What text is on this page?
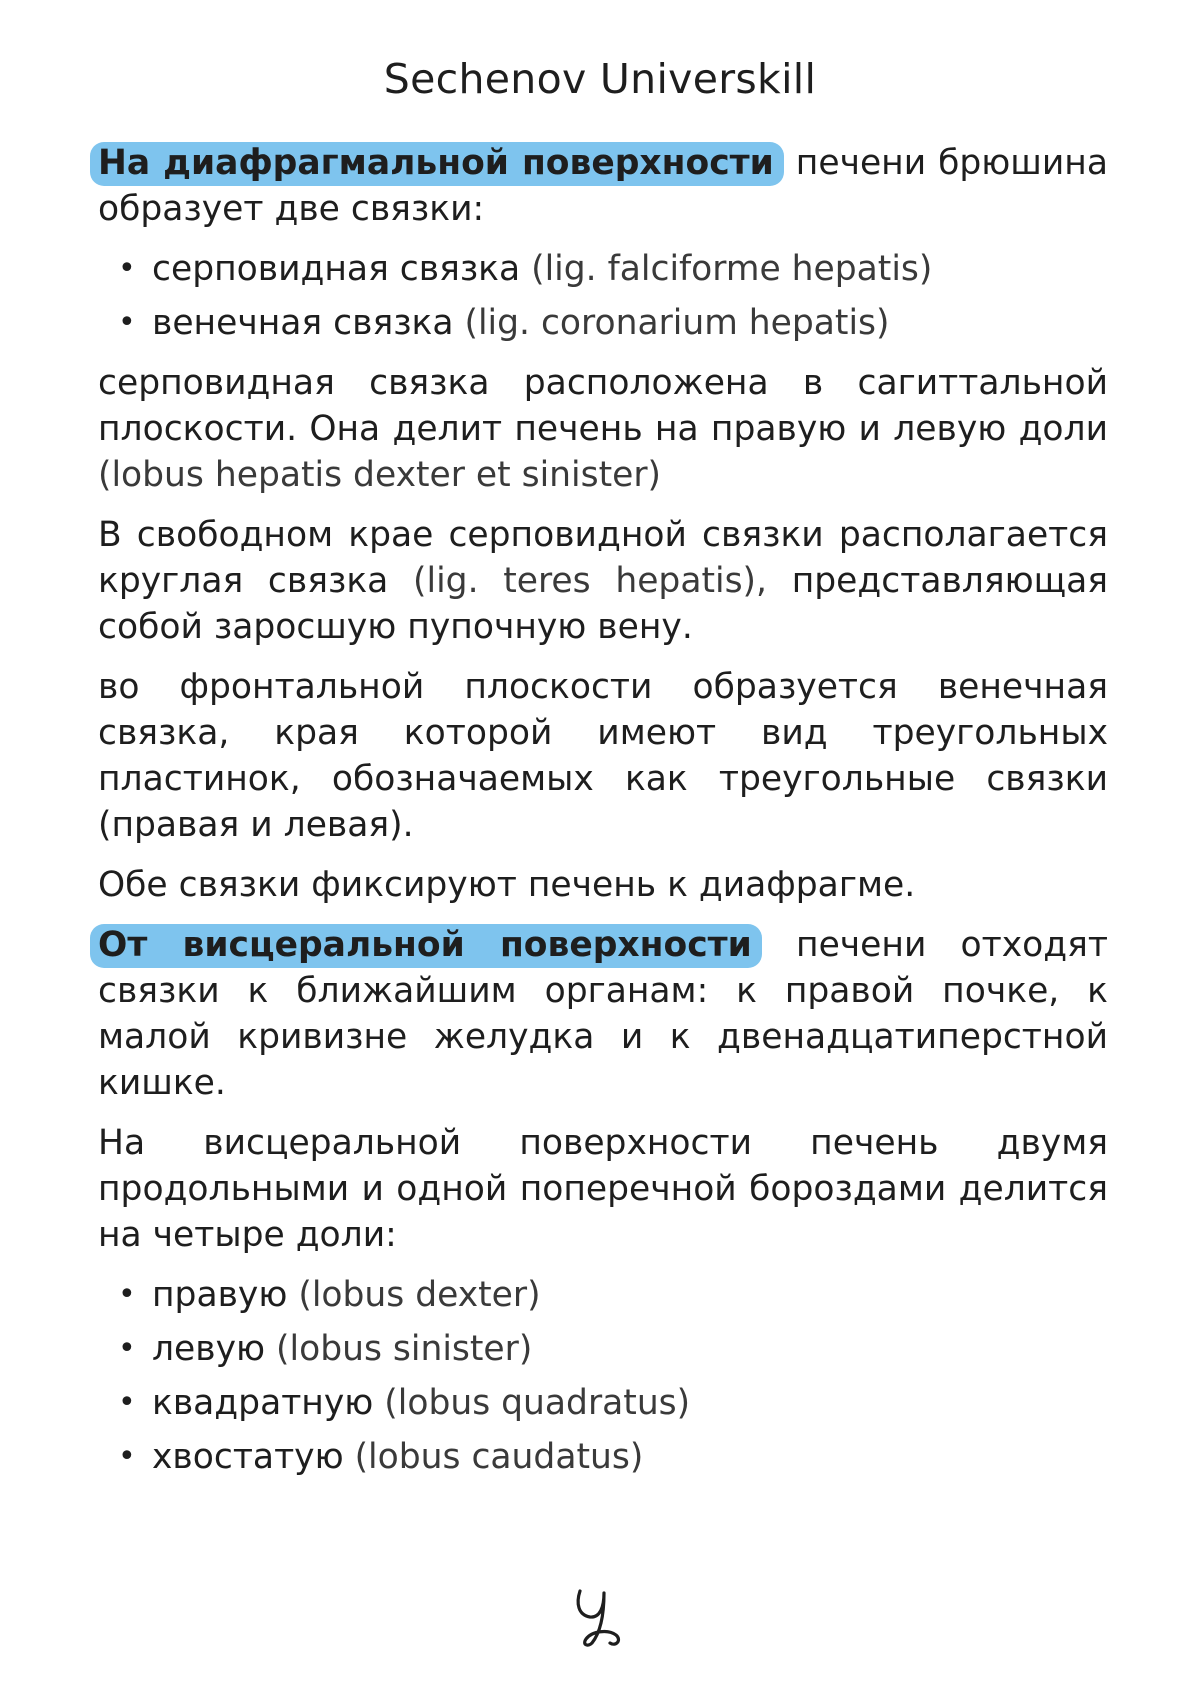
Sechenov Universkill

На диафрагмальной поверхности печени брюшина образует две связки:

• серповидная связка (lig. falciforme hepatis)
• венечная связка (lig. coronarium hepatis)

серповидная связка расположена в сагиттальной плоскости. Она делит печень на правую и левую доли (lobus hepatis dexter et sinister)

В свободном крае серповидной связки располагается круглая связка (lig. teres hepatis), представляющая собой заросшую пупочную вену.

во фронтальной плоскости образуется венечная связка, края которой имеют вид треугольных пластинок, обозначаемых как треугольные связки (правая и левая).

Обе связки фиксируют печень к диафрагме.

От висцеральной поверхности печени отходят связки к ближайшим органам: к правой почке, к малой кривизне желудка и к двенадцатиперстной кишке.

На висцеральной поверхности печень двумя продольными и одной поперечной бороздами делится на четыре доли:

• правую (lobus dexter)
• левую (lobus sinister)
• квадратную (lobus quadratus)
• хвостатую (lobus caudatus)
